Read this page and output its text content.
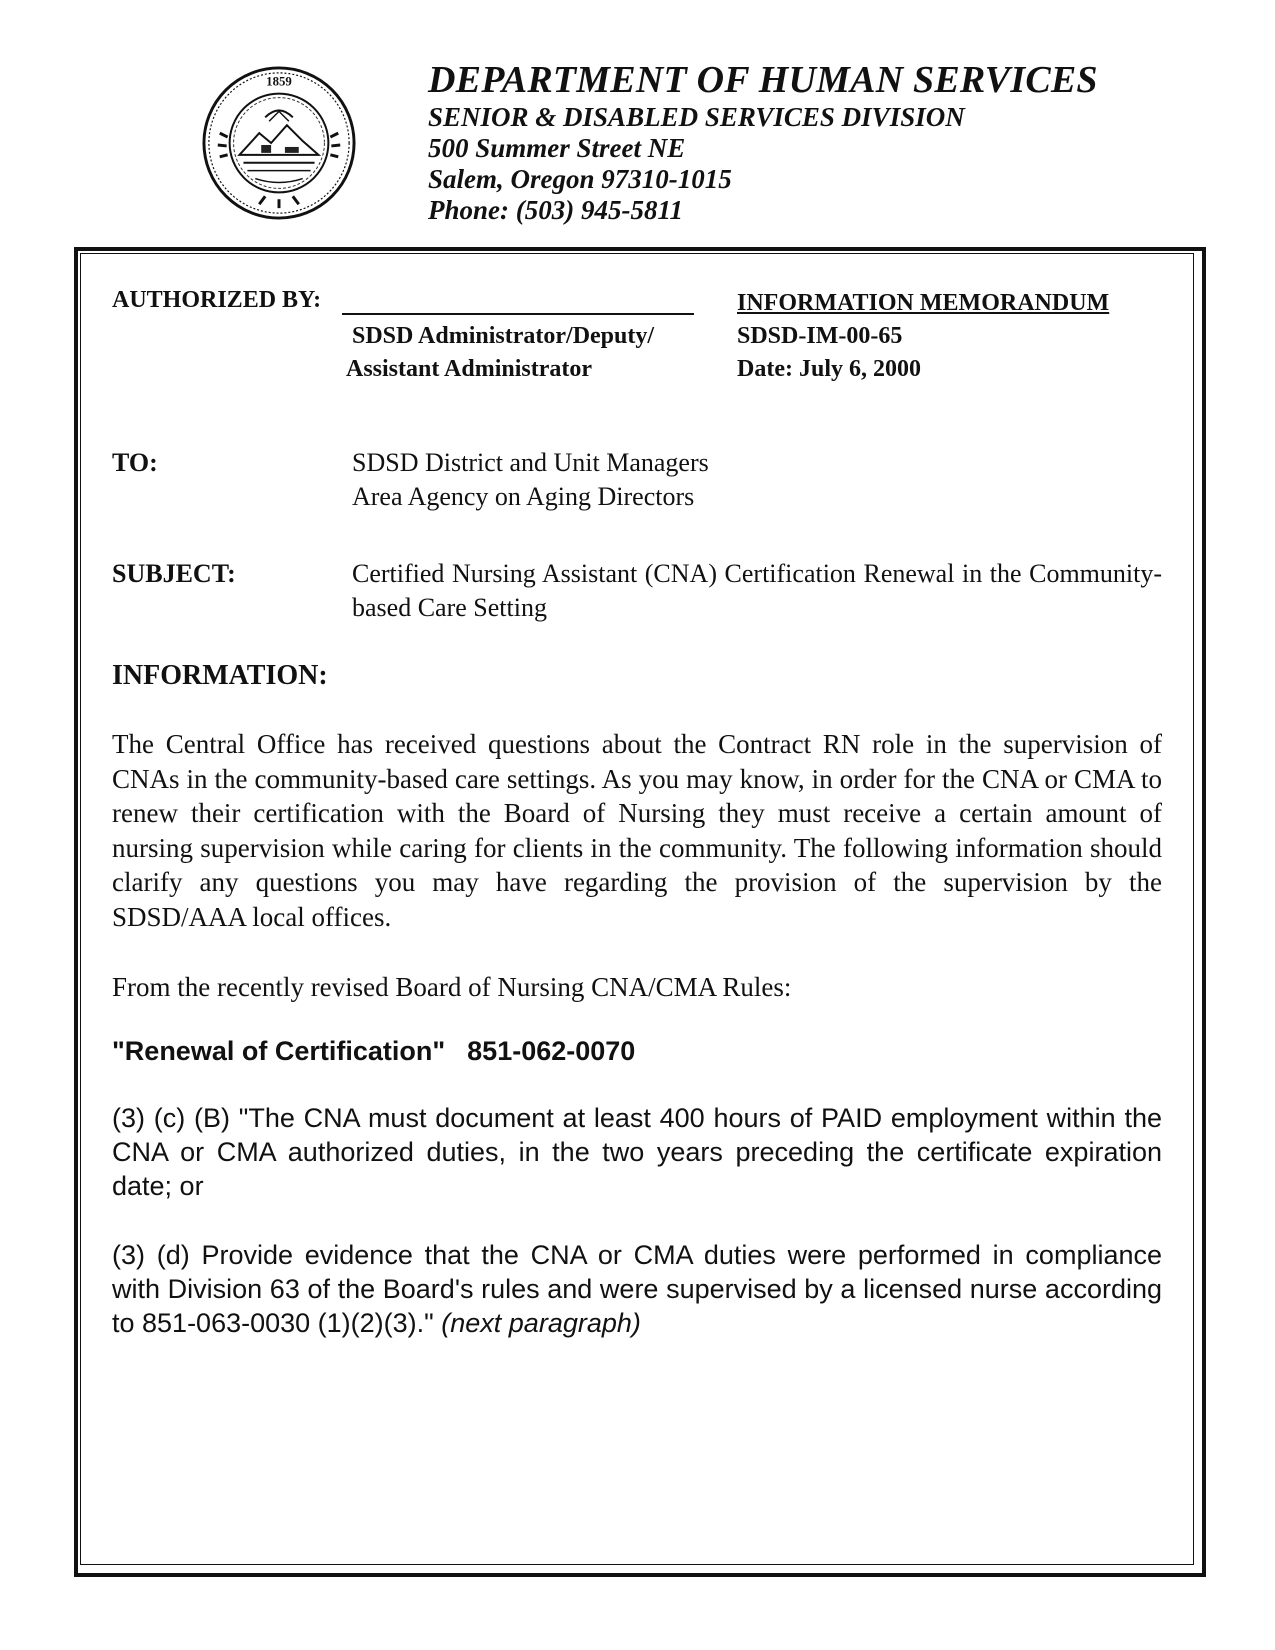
1859	DEPARTMENT OF HUMAN SERVICES
SENIOR & DISABLED SERVICES DIVISION
500 Summer Street NE
Salem, Oregon 97310-1015
Phone: (503) 945-5811
AUTHORIZED BY:
SDSD Administrator/Deputy/
Assistant Administrator
INFORMATION MEMORANDUM
SDSD-IM-00-65
Date: July 6, 2000
TO:	SDSD District and Unit Managers
Area Agency on Aging Directors
SUBJECT:	Certified Nursing Assistant (CNA) Certification Renewal in the Community-based Care Setting
INFORMATION:
The Central Office has received questions about the Contract RN role in the supervision of CNAs in the community-based care settings. As you may know, in order for the CNA or CMA to renew their certification with the Board of Nursing they must receive a certain amount of nursing supervision while caring for clients in the community. The following information should clarify any questions you may have regarding the provision of the supervision by the SDSD/AAA local offices.
From the recently revised Board of Nursing CNA/CMA Rules:
"Renewal of Certification" 851-062-0070
(3) (c) (B) "The CNA must document at least 400 hours of PAID employment within the CNA or CMA authorized duties, in the two years preceding the certificate expiration date; or
(3) (d) Provide evidence that the CNA or CMA duties were performed in compliance with Division 63 of the Board's rules and were supervised by a licensed nurse according to 851-063-0030 (1)(2)(3)." (next paragraph)
